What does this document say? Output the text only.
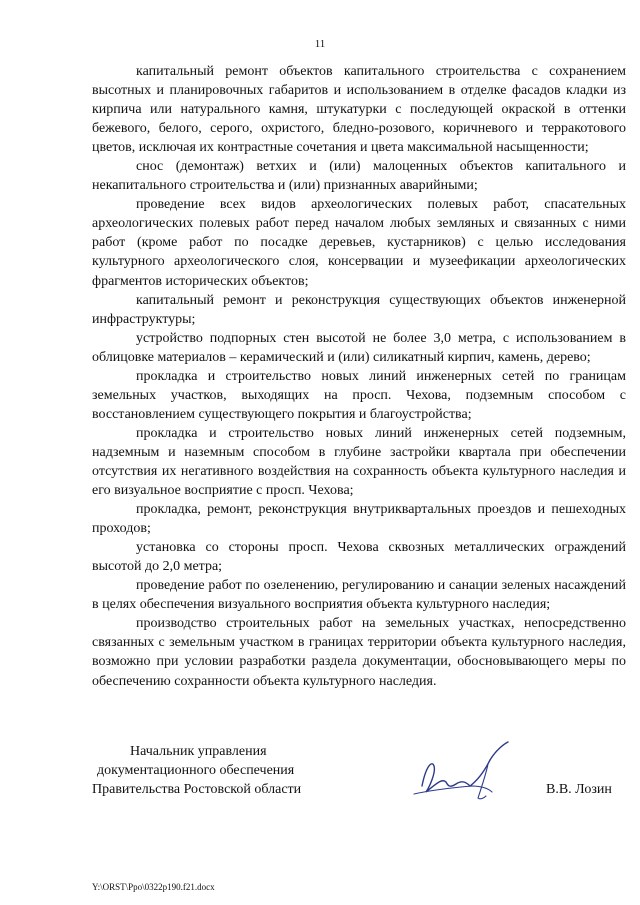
11

капитальный ремонт объектов капитального строительства с сохранением высотных и планировочных габаритов и использованием в отделке фасадов кладки из кирпича или натурального камня, штукатурки с последующей окраской в оттенки бежевого, белого, серого, охристого, бледно-розового, коричневого и терракотового цветов, исключая их контрастные сочетания и цвета максимальной насыщенности;

снос (демонтаж) ветхих и (или) малоценных объектов капитального и некапитального строительства и (или) признанных аварийными;

проведение всех видов археологических полевых работ, спасательных археологических полевых работ перед началом любых земляных и связанных с ними работ (кроме работ по посадке деревьев, кустарников) с целью исследования культурного археологического слоя, консервации и музеефикации археологических фрагментов исторических объектов;

капитальный ремонт и реконструкция существующих объектов инженерной инфраструктуры;

устройство подпорных стен высотой не более 3,0 метра, с использованием в облицовке материалов – керамический и (или) силикатный кирпич, камень, дерево;

прокладка и строительство новых линий инженерных сетей по границам земельных участков, выходящих на просп. Чехова, подземным способом с восстановлением существующего покрытия и благоустройства;

прокладка и строительство новых линий инженерных сетей подземным, надземным и наземным способом в глубине застройки квартала при обеспечении отсутствия их негативного воздействия на сохранность объекта культурного наследия и его визуальное восприятие с просп. Чехова;

прокладка, ремонт, реконструкция внутриквартальных проездов и пешеходных проходов;

установка со стороны просп. Чехова сквозных металлических ограждений высотой до 2,0 метра;

проведение работ по озеленению, регулированию и санации зеленых насаждений в целях обеспечения визуального восприятия объекта культурного наследия;

производство строительных работ на земельных участках, непосредственно связанных с земельным участком в границах территории объекта культурного наследия, возможно при условии разработки раздела документации, обосновывающего меры по обеспечению сохранности объекта культурного наследия.

Начальник управления
документационного обеспечения
Правительства Ростовской области	В.В. Лозин
Y:\ORST\Ppo\0322p190.f21.docx
